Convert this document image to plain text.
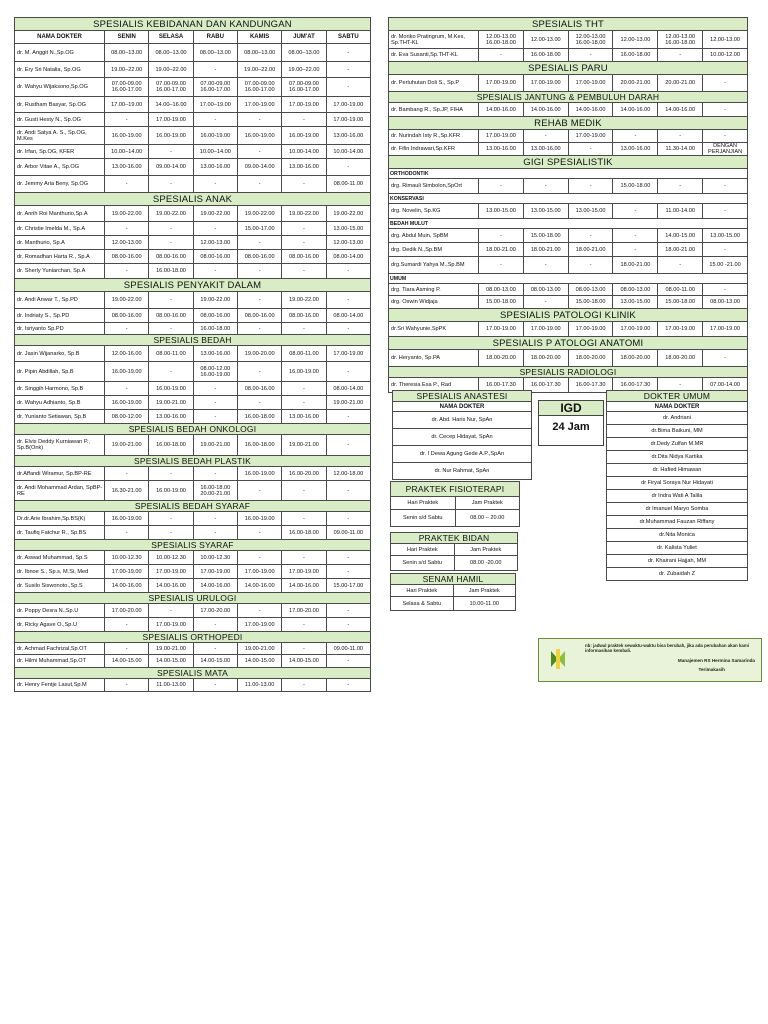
SPESIALIS KEBIDANAN DAN KANDUNGAN						
NAMA DOKTER	SENIN	SELASA	RABU	KAMIS	JUM'AT	SABTU
dr. M. Anggit N.,Sp.OG	08.00–13.00	08.00–13.00	08.00–13.00	08.00–13.00	08.00–13.00	-
dr. Ery Sri Natalia, Sp.OG	19.00–22.00	19.00–22.00	-	19.00–22.00	19.00–22.00	-
dr. Wahyu Wijaksono,Sp.OG	07.00-09.00 16.00-17.00	07.00-09.00 16.00-17.00	07.00-09.00 16.00-17.00	07.00-09.00 16.00-17.00	07.00-09.00 16.00-17.00	-
dr. Rustham Basyar, Sp.OG	17.00–19.00	14.00–16.00	17.00–19.00	17.00-19.00	17.00-19.00	17.00-19.00
dr. Gusti Hesty N., Sp.OG	-	17.00-19.00	-	-	-	17.00-19.00
dr. Andi Satya A. S., Sp.OG, M.Kes	16.00-19.00	16.00-19.00	16.00-19.00	16.00-19.00	16.00-19.00	13.00-16.00
dr. Irfan, Sp.OG, KFER	10.00–14.00	-	10.00–14.00	-	10.00-14.00	10.00-14.00
dr. Arbor Vitae A., Sp.OG	13.00-16.00	09.00-14.00	13.00-16.00	09.00-14.00	13.00-16.00	-
dr. Jemmy Aria Beny, Sp.OG	-	-	-	-	-	08.00-11.00
SPESIALIS ANAK						
dr. Anrih Roi Manthurio,Sp.A	19.00-22.00	19.00-22.00	19.00-22.00	19.00-22.00	19.00-22.00	19.00-22.00
dr. Christie Imelda M., Sp.A	-	-	-	15.00-17.00	-	13.00-15.00
dr. Manthurio, Sp.A	12.00-13.00	-	12.00-13.00	-	-	12.00-13.00
dr. Romadhan Harta R., Sp.A	08.00-16.00	08.00-16.00	08.00-16.00	08.00-16.00	08.00-16.00	08.00-14.00
dr. Sherly Yuniarchan, Sp.A	-	16.00-18.00	-	-	-	-
SPESIALIS PENYAKIT DALAM						
dr. Andi Anwar T., Sp.PD	19.00-22.00	-	19.00-22.00	-	19.00-22.00	-
dr. Indriaty S., Sp.PD	08.00-16.00	08.00-16.00	08.00-16.00	08.00-16.00	08.00-16.00	08.00-14.00
dr. Isriyanto Sp.PD	-	-	16.00-18.00	-	-	-
SPESIALIS BEDAH						
dr. Jasin Wijanarko, Sp.B	12.00-16.00	08.00-11.00	13.00-16.00	19.00-20.00	08.00-11.00	17.00-19.00
dr. Pipin Abdillah, Sp.B	16.00-19.00	-	08.00-12.00 16.00-19.00	-	16.00-19.00	-
dr. Singgih Harmono, Sp.B	-	16.00-19.00	-	08.00-16.00	-	08.00-14.00
dr. Wahyu Adhianto, Sp.B	16.00-19.00	19.00-21.00	-	-	-	19.00-21.00
dr. Yunianto Setiawan, Sp.B	08.00-12.00	13.00-16.00	-	16.00-18.00	13.00-16.00	-
SPESIALIS BEDAH ONKOLOGI						
dr. Elvis Deddy Kurniawan P., Sp.B(Onk)	19.00-21.00	16.00-18.00	19.00-21.00	16.00-18.00	19.00-21.00	-
SPESIALIS BEDAH PLASTIK						
dr.Affandi Wiramur, Sp.BP-RE	-	-	-	16.00-19.00	16.00-20.00	12.00-18.00
dr. Andi Mohammad Ardan, SpBP-RE	16.30-21.00	16.00-19.00	16.00-18.00 20.00-21.00	-	-	-
SPESIALIS BEDAH SYARAF						
Dr.dr.Arie Ibrahim,Sp.BS(K)	16.00-19.00	-	-	16.00-19.00	-	-
dr. Taufiq Fatchur R., Sp.BS	-	-	-	-	16.00-18.00	09.00-11.00
SPESIALIS SYARAF						
dr. Aswad Muhammad, Sp.S	10.00-12.30	10.00-12.30	10.00-12.30	-	-	-
dr. Ibnoe S., Sp.s, M.Si, Med	17.00-19.00	17.00-19.00	17.00-19.00	17.00-19.00	17.00-19.00	-
dr. Susilo Siswonoto.,Sp.S	14.00-16.00	14.00-16.00	14.00-16.00	14.00-16.00	14.00-16.00	15.00-17.00
SPESIALIS URULOGI						
dr. Poppy Desra N.,Sp.U	17.00-20.00	-	17.00-20.00	-	17.00-20.00	-
dr. Ricky Agave O.,Sp.U	-	17.00-19.00	-	17.00-19.00	-	-
SPESIALIS ORTHOPEDI						
dr. Achmad Fachrizal,Sp.OT	-	19.00-21.00	-	19.00-21.00	-	09.00-11.00
dr. Hilmi Muhammad,Sp.OT	14.00-15.00	14.00-15.00	14.00-15.00	14.00-15.00	14.00-15.00	-
SPESIALIS MATA						
dr. Henry Fentje Lasut,Sp.M	-	11.00-13.00	-	11.00-13.00	-	-
SPESIALIS THT						
dr. Moriko Pratingrum, M.Kes, Sp.THT-KL	12.00-13.00 16.00-18.00	12.00-13.00	12.00-13.00 16.00-18.00	12.00-13.00	12.00-13.00 16.00-18.00	12.00-13.00
dr. Eva Susanti,Sp.THT-KL	-	16.00-18.00	-	16.00-18.00	-	10.00-12.00
SPESIALIS PARU						
dr. Perluhutan Doli S., Sp.P	17.00-19.00	17.00-19.00	17.00-19.00	20.00-21.00	20.00-21.00	-
SPESIALIS JANTUNG & PEMBULUH DARAH						
dr. Bambang R., Sp.JP, FIHA	14.00-16.00	14.00-16.00	14.00-16.00	14.00-16.00	14.00-16.00	-
REHAB MEDIK						
dr. Nurindah Isty R.,Sp.KFR	17.00-19.00	-	17.00-19.00	-	-	-
dr. Fifin Indrawari,Sp.KFR	13.00-16.00	13.00-16.00	-	13.00-16.00	11.30-14.00	DENGAN PERJANJIAN
GIGI SPESIALISTIK						
ORTHODONTIK						
drg. Rimauli Simbolon,SpOrt	-	-	-	15.00-18.00	-	-
KONSERVASI						
drg. Novelin, Sp.KG	13.00-15.00	13.00-15.00	13.00-15.00	-	11.00-14.00	-
BEDAH MULUT						
drg. Abdul Muin, SpBM	-	15.00-18.00	-	-	14.00-15.00	13.00-15.00
drg. Dedik N.,Sp.BM	18.00-21.00	18.00-21.00	18.00-21.00	-	18.00-21.00	-
drg.Sumardi Yahya M.,Sp.BM	-	-	-	18.00-21.00	-	15.00 -21.00
UMUM						
drg. Tiara Asming P.	08.00-13.00	08.00-13.00	08.00-13.00	08.00-13.00	08.00-11.00	-
drg. Oswin Widjaja	15.00-18.00	-	15.00-18.00	13.00-15.00	15.00-18.00	08.00-13.00
SPESIALIS PATOLOGI KLINIK						
dr.Sri Wahyunie,SpPK	17.00-19.00	17.00-19.00	17.00-19.00	17.00-19.00	17.00-19.00	17.00-19.00
SPESIALIS P ATOLOGI ANATOMI						
dr. Heryanto, Sp.PA	18.00-20.00	18.00-20.00	18.00-20.00	18.00-20.00	18.00-20.00	-
SPESIALIS RADIOLOGI						
dr. Theresia Esa P., Rad	16.00-17.30	16.00-17.30	16.00-17.30	16.00-17.30	-	07.00-14.00
SPESIALIS ANASTESI
NAMA DOKTER
dr. Abd. Haris Nur, SpAn
dr. Cecep Hidayat, SpAn
dr. I Dewa Agung Gede A.P.,SpAn
dr. Nur Rahmat, SpAn
IGD
24 Jam
DOKTER UMUM
NAMA DOKTER
dr. Andriani
dr.Bima Baikuni, MM
dr.Dedy Zulfan M.MR
dr.Dita Nidya Kartika
dr. Hafied Himawan
dr Firyal Soraya Nur Hidayati
dr Indra Wati A Talila
dr Imanuel Maryo Somba
dr.Muhammad Fauzan Riffany
dr.Nita Monica
dr. Kalista Yuliet
dr. Khairani Hajjah, MM
dr. Zubaidah Z
PRAKTEK FISIOTERAPI	
Hari Praktek	Jam Praktek
Senin s/d Sabtu	08.00 – 20.00
PRAKTEK BIDAN	
Hari Praktek	Jam Praktek
Senin s/d Sabtu	08.00 -20.00
SENAM HAMIL	
Hari Praktek	Jam Praktek
Selasa & Sabtu	10.00-11.00
nb: jadwal praktek sewaktu-waktu bisa berubah, jika ada perubahan akan kami informasikan kembali.
Manajemen RS Hermina Samarinda
Terimakasih
